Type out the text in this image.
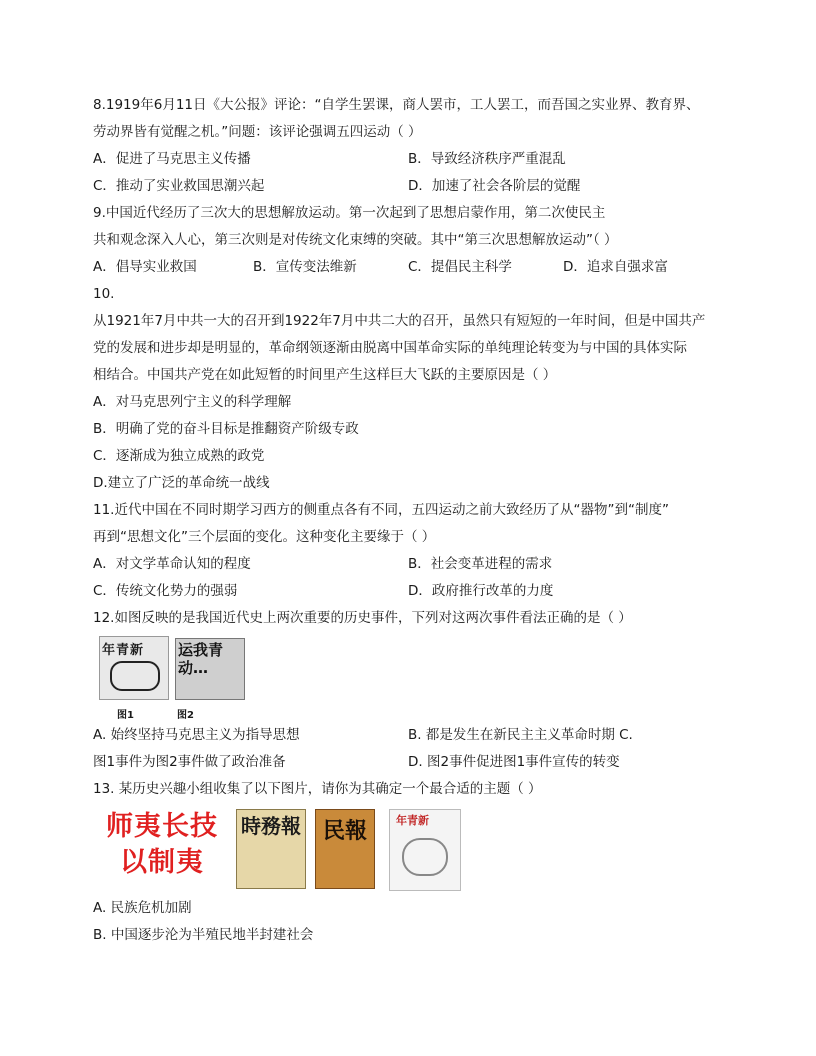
8.1919年6月11日《大公报》评论：“自学生罢课，商人罢市，工人罢工，而吾国之实业界、教育界、
劳动界皆有觉醒之机。”问题：该评论强调五四运动（ ）
A．促进了马克思主义传播	B．导致经济秩序严重混乱
C．推动了实业救国思潮兴起	D．加速了社会各阶层的觉醒
9.中国近代经历了三次大的思想解放运动。第一次起到了思想启蒙作用，第二次使民主
共和观念深入人心，第三次则是对传统文化束缚的突破。其中“第三次思想解放运动”（ ）
A．倡导实业救国	B．宣传变法维新	C．提倡民主科学	D．追求自强求富
10.
从1921年7月中共一大的召开到1922年7月中共二大的召开，虽然只有短短的一年时间，但是中国共产
党的发展和进步却是明显的，革命纲领逐渐由脱离中国革命实际的单纯理论转变为与中国的具体实际
相结合。中国共产党在如此短暂的时间里产生这样巨大飞跃的主要原因是（ ）
A．对马克思列宁主义的科学理解
B．明确了党的奋斗目标是推翻资产阶级专政
C．逐渐成为独立成熟的政党
D.建立了广泛的革命统一战线
11.近代中国在不同时期学习西方的侧重点各有不同，五四运动之前大致经历了从“器物”到“制度”
再到“思想文化”三个层面的变化。这种变化主要缘于（ ）
A．对文学革命认知的程度	B．社会变革进程的需求
C．传统文化势力的强弱	D．政府推行改革的力度
12.如图反映的是我国近代史上两次重要的历史事件，下列对这两次事件看法正确的是（ ）
年青新 运我青动…
图1	图2
A. 始终坚持马克思主义为指导思想	B. 都是发生在新民主主义革命时期 C.
图1事件为图2事件做了政治准备	D. 图2事件促进图1事件宣传的转变
13. 某历史兴趣小组收集了以下图片，请你为其确定一个最合适的主题（ ）
师夷长技
以制夷
時務報 民報	年青新
A. 民族危机加剧
B. 中国逐步沦为半殖民地半封建社会
